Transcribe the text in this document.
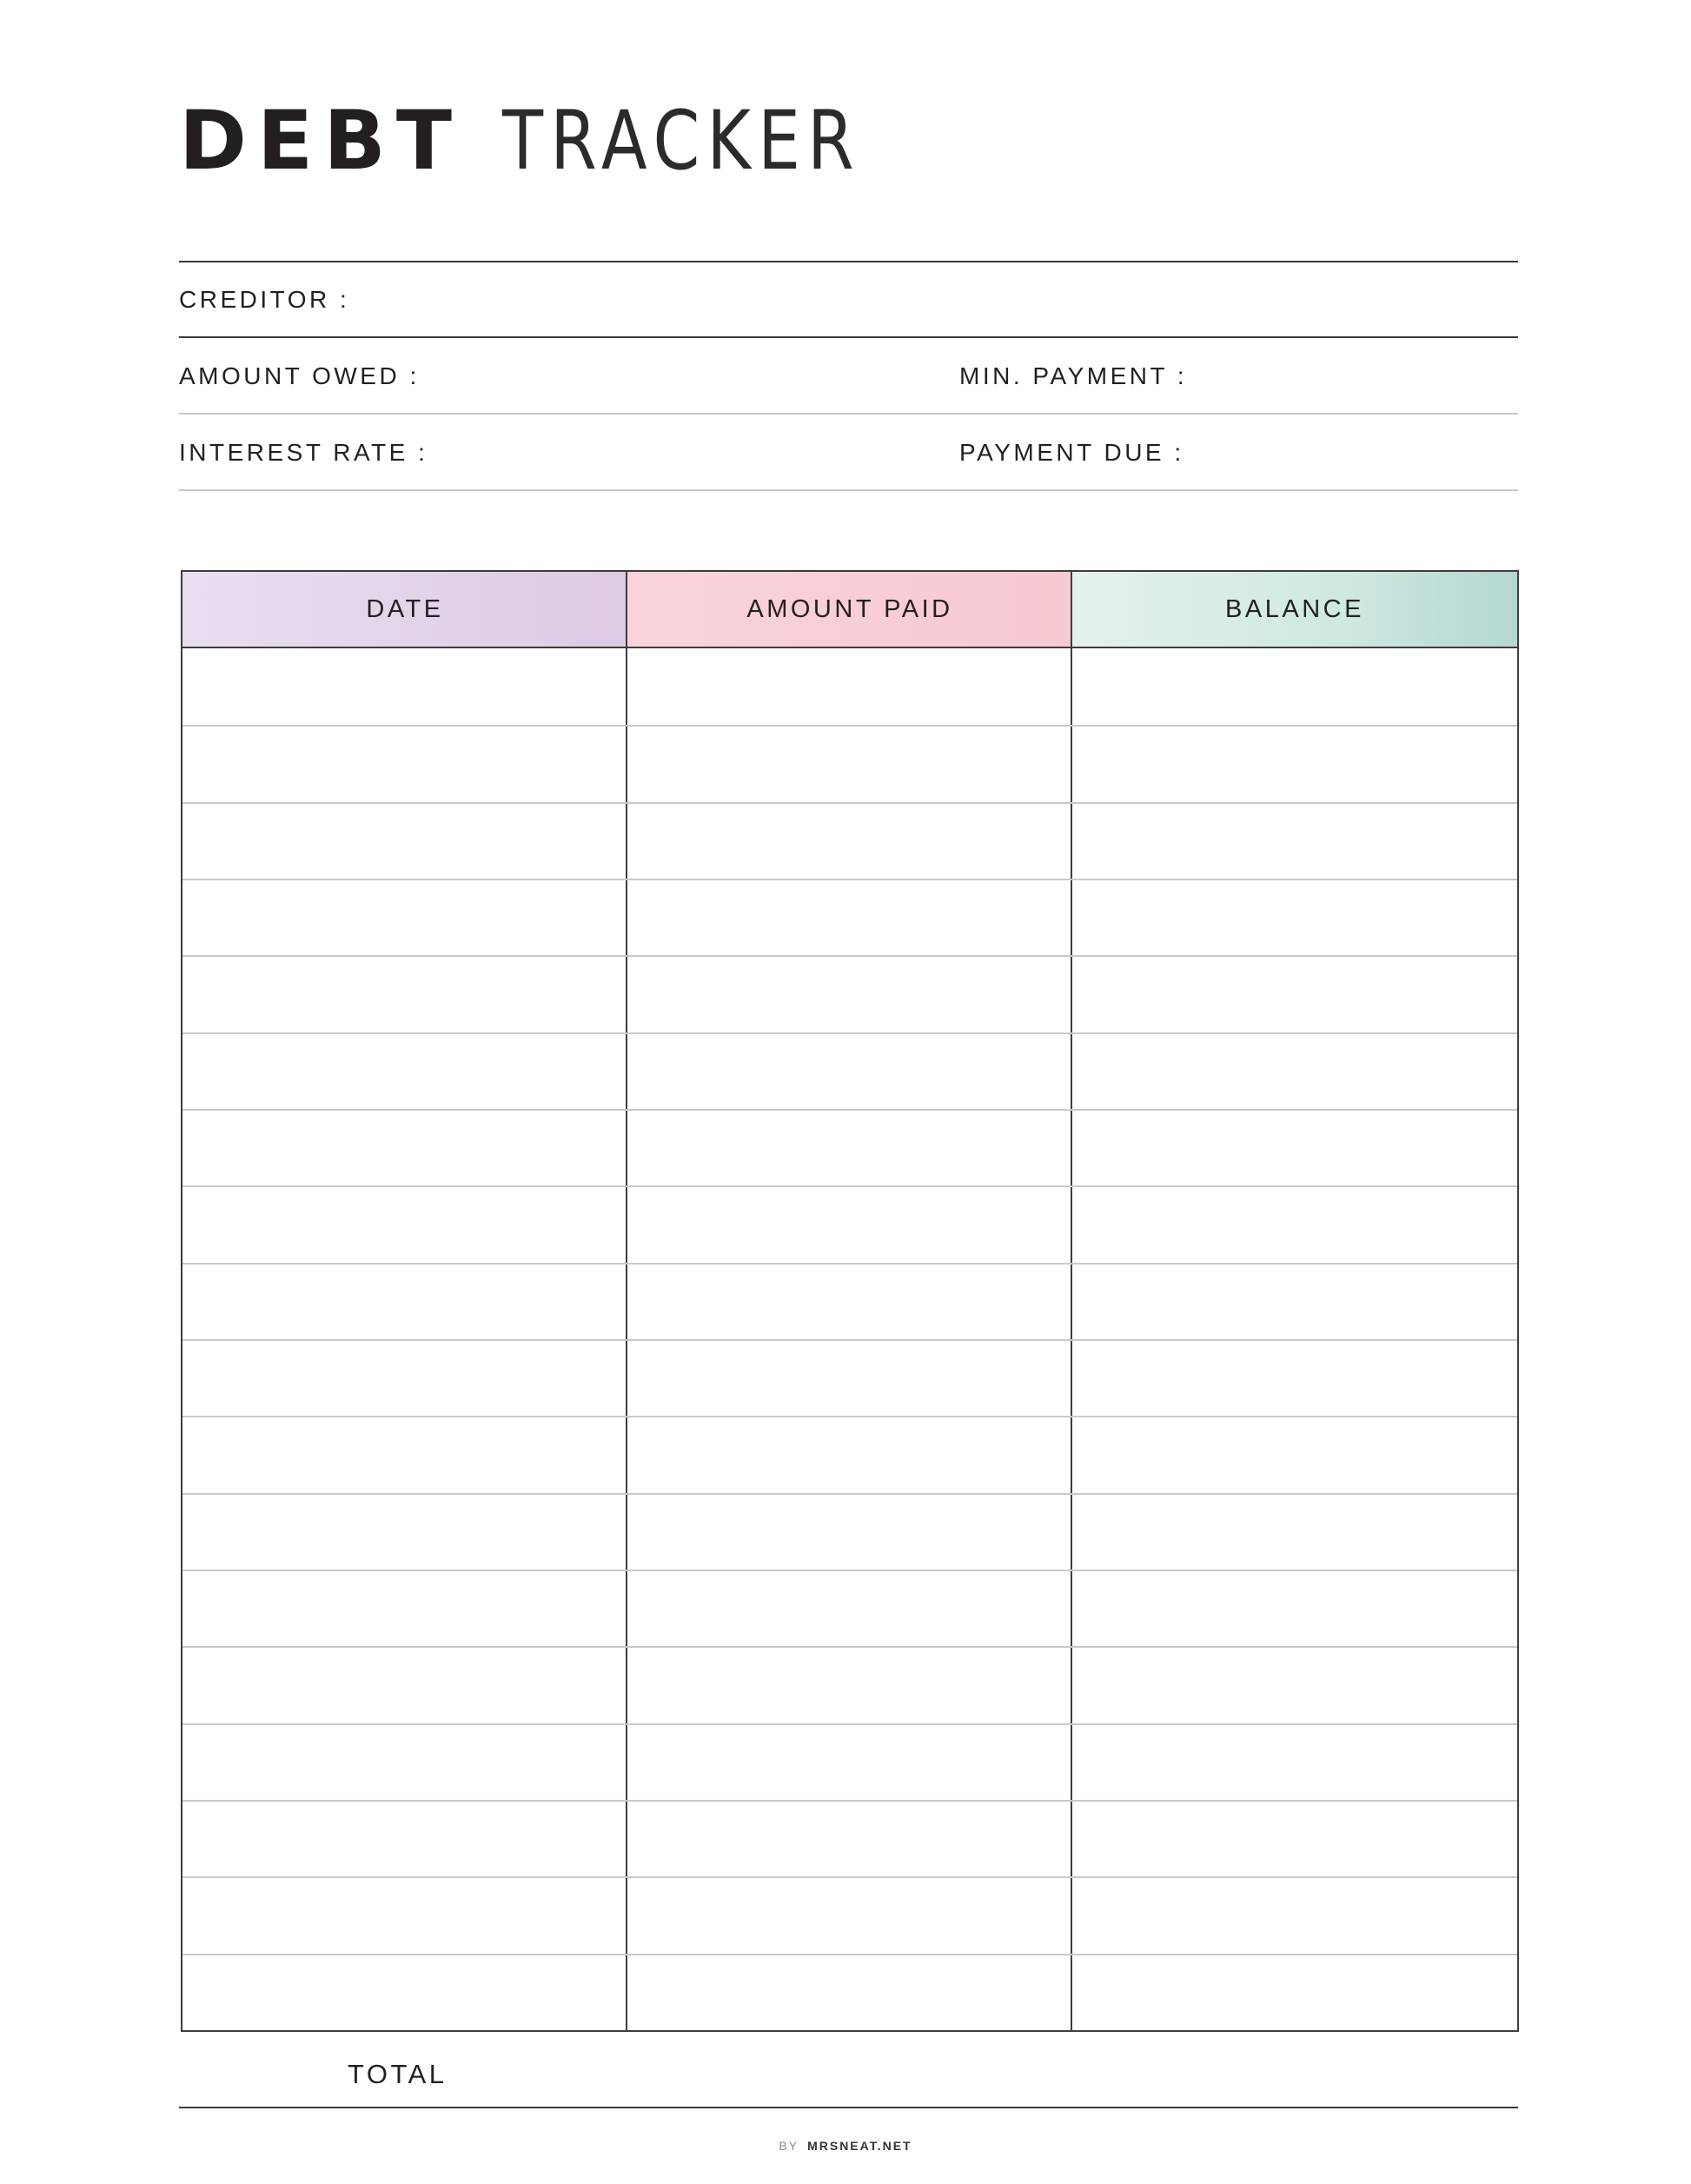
DEBT TRACKER
CREDITOR :
AMOUNT OWED :	MIN. PAYMENT :
INTEREST RATE :	PAYMENT DUE :
DATE	AMOUNT PAID	BALANCE
TOTAL
BY MRSNEAT.NET
